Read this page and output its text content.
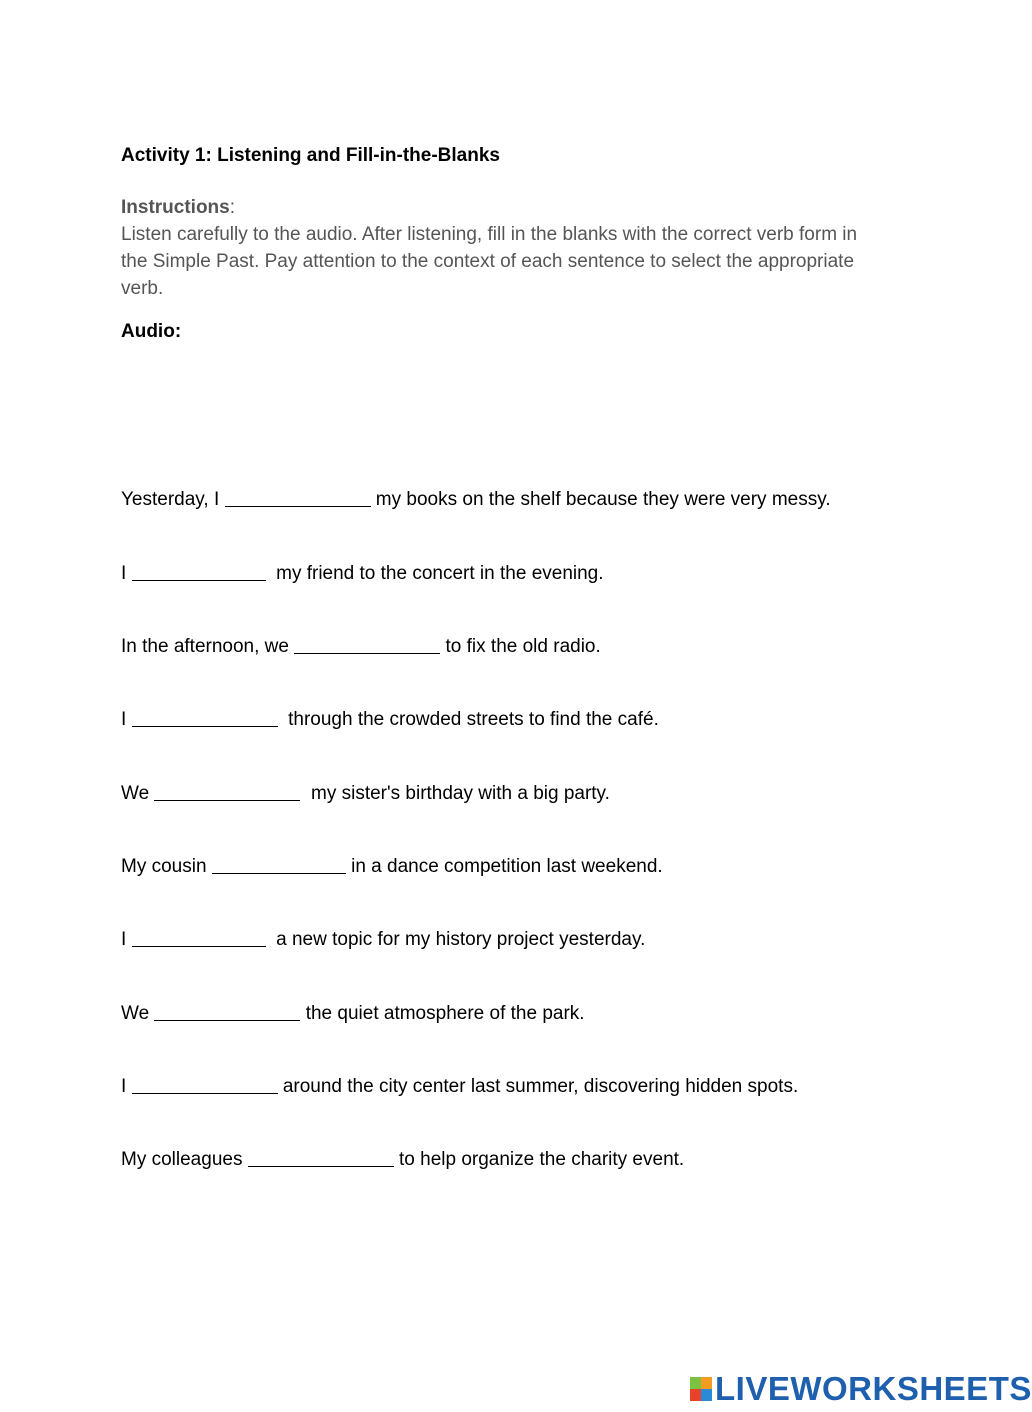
Activity 1: Listening and Fill-in-the-Blanks
Instructions:

Listen carefully to the audio. After listening, fill in the blanks with the correct verb form in the Simple Past. Pay attention to the context of each sentence to select the appropriate verb.

Audio:

Yesterday, I	my books on the shelf because they were very messy.

I	my friend to the concert in the evening.

In the afternoon, we	to fix the old radio.

I	through the crowded streets to find the café.

We	my sister's birthday with a big party.

My cousin	in a dance competition last weekend.

I	a new topic for my history project yesterday.

We	the quiet atmosphere of the park.

I	around the city center last summer, discovering hidden spots.

My colleagues	to help organize the charity event.

LIVEWORKSHEETS
